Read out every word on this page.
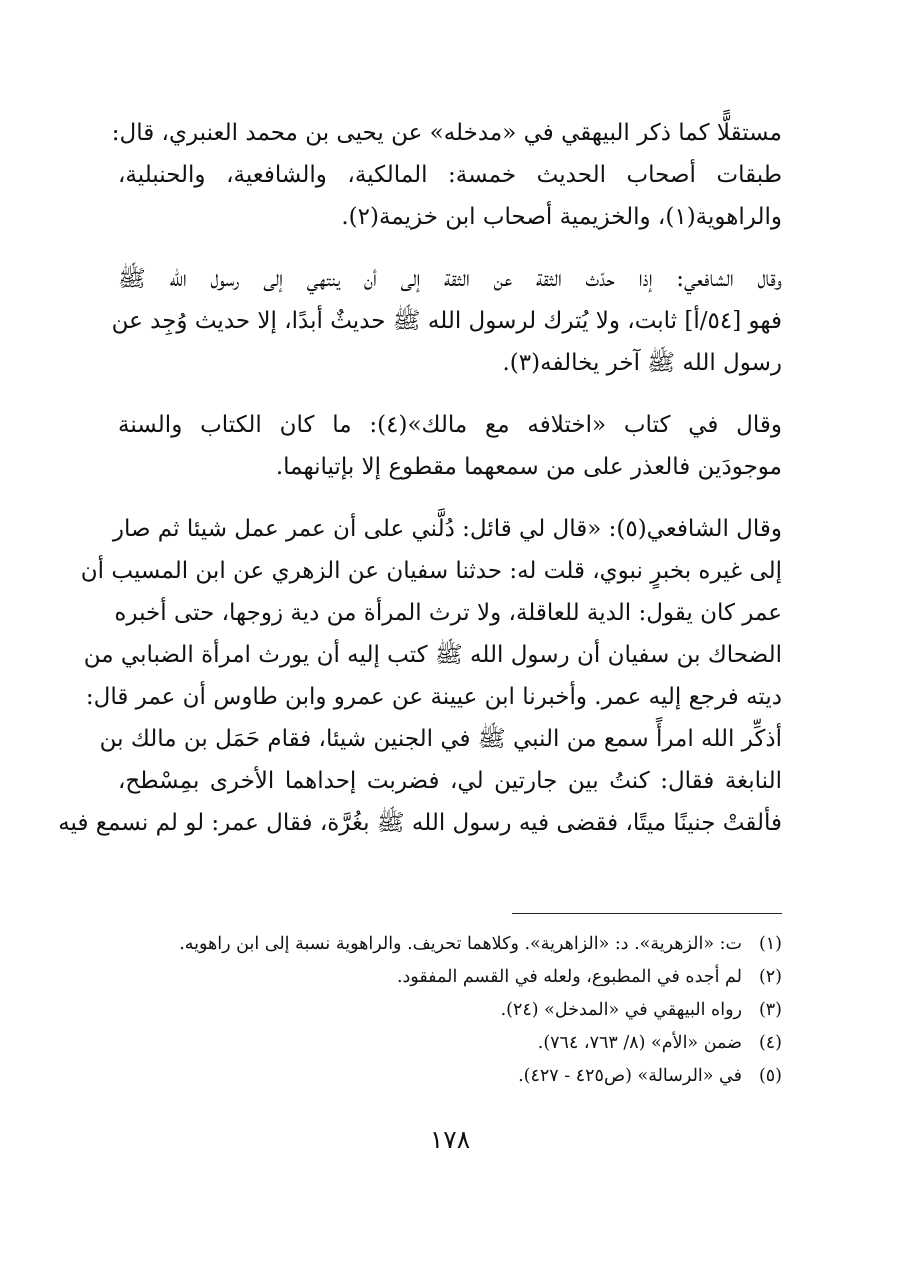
مستقلًّا كما ذكر البيهقي في «مدخله» عن يحيى بن محمد العنبري، قال:
طبقات أصحاب الحديث خمسة: المالكية، والشافعية، والحنبلية،
والراهوية(١)، والخزيمية أصحاب ابن خزيمة(٢).

وقال الشافعي: إذا حدّث الثقة عن الثقة إلى أن ينتهي إلى رسول الله ﷺ
فهو [٥٤/أ] ثابت، ولا يُترك لرسول الله ﷺ حديثٌ أبدًا، إلا حديث وُجِد عن
رسول الله ﷺ آخر يخالفه(٣).

وقال في كتاب «اختلافه مع مالك»(٤): ما كان الكتاب والسنة
موجودَين فالعذر على من سمعهما مقطوع إلا بإتيانهما.

وقال الشافعي(٥): «قال لي قائل: دُلَّني على أن عمر عمل شيئا ثم صار
إلى غيره بخبرٍ نبوي، قلت له: حدثنا سفيان عن الزهري عن ابن المسيب أن
عمر كان يقول: الدية للعاقلة، ولا ترث المرأة من دية زوجها، حتى أخبره
الضحاك بن سفيان أن رسول الله ﷺ كتب إليه أن يورث امرأة الضبابي من
ديته فرجع إليه عمر. وأخبرنا ابن عيينة عن عمرو وابن طاوس أن عمر قال:
أذكِّر الله امرأً سمع من النبي ﷺ في الجنين شيئا، فقام حَمَل بن مالك بن
النابغة فقال: كنتُ بين جارتين لي، فضربت إحداهما الأخرى بمِسْطح،
فألقتْ جنينًا ميتًا، فقضى فيه رسول الله ﷺ بغُرَّة، فقال عمر: لو لم نسمع فيه

(١)
ت: «الزهرية». د: «الزاهرية». وكلاهما تحريف. والراهوية نسبة إلى ابن راهويه.
(٢)
لم أجده في المطبوع، ولعله في القسم المفقود.
(٣)
رواه البيهقي في «المدخل» (٢٤).
(٤)
ضمن «الأم» (٨/ ٧٦٣، ٧٦٤).
(٥)
في «الرسالة» (ص٤٢٥ - ٤٢٧).
١٧٨
